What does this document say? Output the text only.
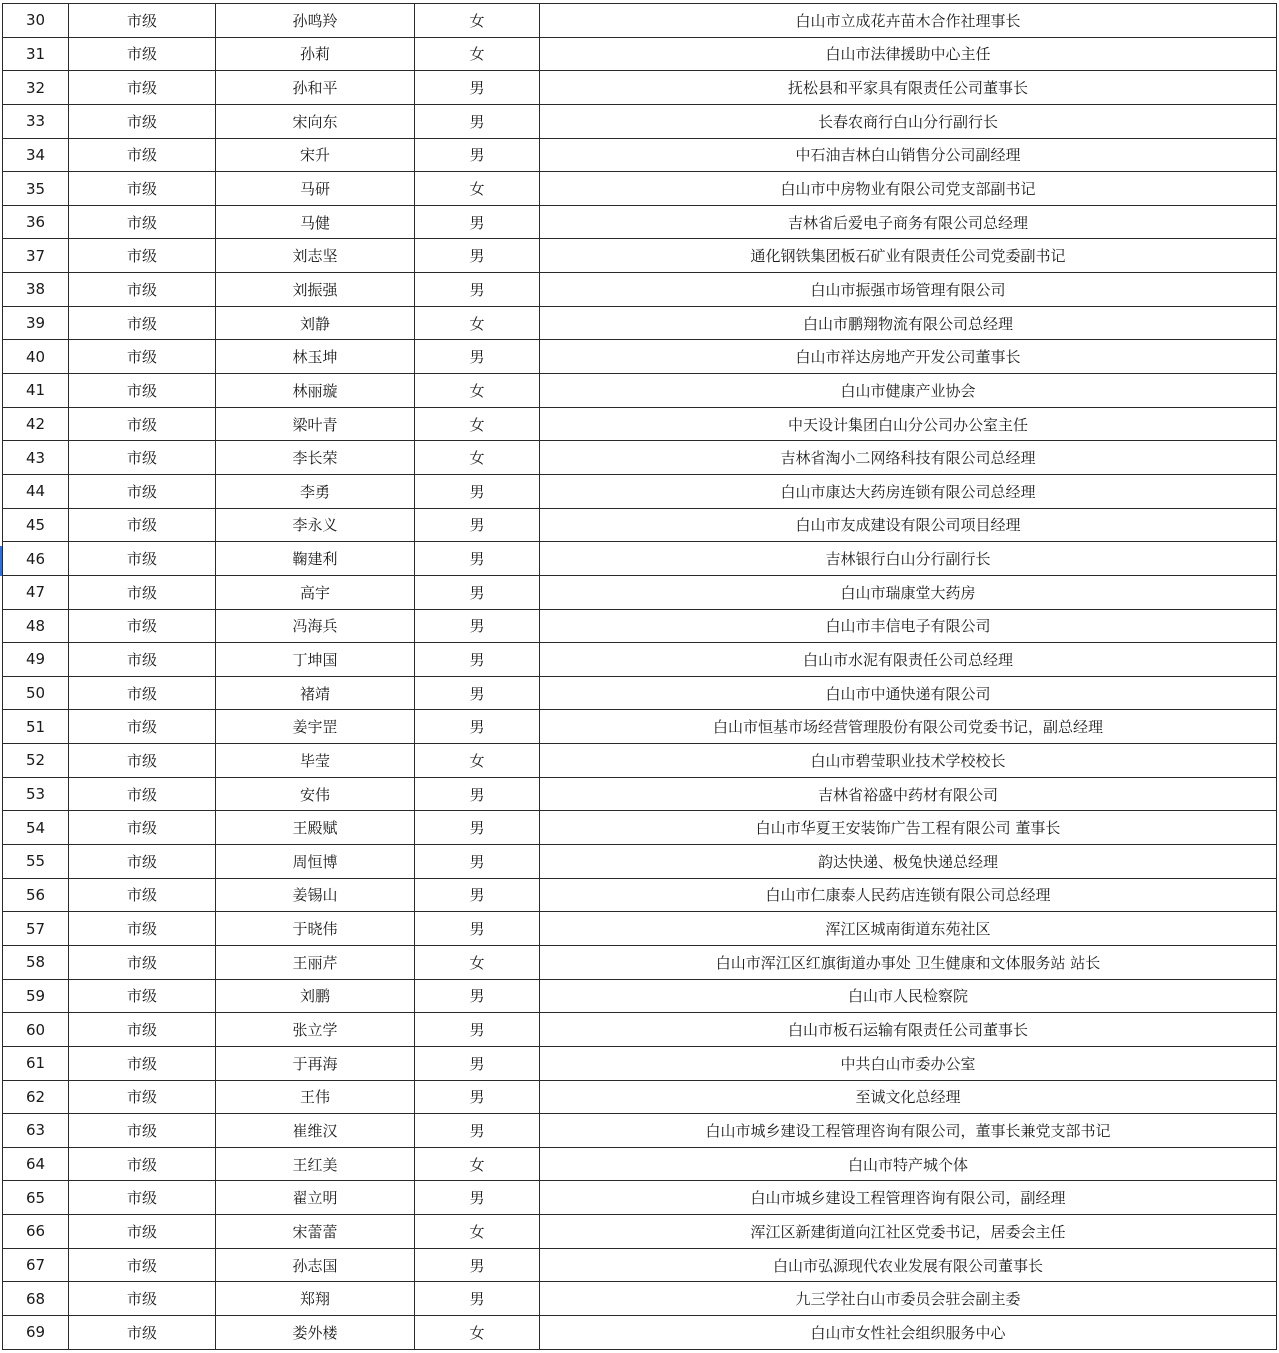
30	市级	孙鸣羚	女	白山市立成花卉苗木合作社理事长
31	市级	孙莉	女	白山市法律援助中心主任
32	市级	孙和平	男	抚松县和平家具有限责任公司董事长
33	市级	宋向东	男	长春农商行白山分行副行长
34	市级	宋升	男	中石油吉林白山销售分公司副经理
35	市级	马研	女	白山市中房物业有限公司党支部副书记
36	市级	马健	男	吉林省后爱电子商务有限公司总经理
37	市级	刘志坚	男	通化钢铁集团板石矿业有限责任公司党委副书记
38	市级	刘振强	男	白山市振强市场管理有限公司
39	市级	刘静	女	白山市鹏翔物流有限公司总经理
40	市级	林玉坤	男	白山市祥达房地产开发公司董事长
41	市级	林丽璇	女	白山市健康产业协会
42	市级	梁叶青	女	中天设计集团白山分公司办公室主任
43	市级	李长荣	女	吉林省淘小二网络科技有限公司总经理
44	市级	李勇	男	白山市康达大药房连锁有限公司总经理
45	市级	李永义	男	白山市友成建设有限公司项目经理
46	市级	鞠建利	男	吉林银行白山分行副行长
47	市级	高宇	男	白山市瑞康堂大药房
48	市级	冯海兵	男	白山市丰信电子有限公司
49	市级	丁坤国	男	白山市水泥有限责任公司总经理
50	市级	褚靖	男	白山市中通快递有限公司
51	市级	姜宇罡	男	白山市恒基市场经营管理股份有限公司党委书记，副总经理
52	市级	毕莹	女	白山市碧莹职业技术学校校长
53	市级	安伟	男	吉林省裕盛中药材有限公司
54	市级	王殿赋	男	白山市华夏王安装饰广告工程有限公司 董事长
55	市级	周恒博	男	韵达快递、极兔快递总经理
56	市级	姜锡山	男	白山市仁康泰人民药店连锁有限公司总经理
57	市级	于晓伟	男	浑江区城南街道东苑社区
58	市级	王丽芹	女	白山市浑江区红旗街道办事处 卫生健康和文体服务站 站长
59	市级	刘鹏	男	白山市人民检察院
60	市级	张立学	男	白山市板石运输有限责任公司董事长
61	市级	于再海	男	中共白山市委办公室
62	市级	王伟	男	至诚文化总经理
63	市级	崔维汉	男	白山市城乡建设工程管理咨询有限公司，董事长兼党支部书记
64	市级	王红美	女	白山市特产城个体
65	市级	翟立明	男	白山市城乡建设工程管理咨询有限公司，副经理
66	市级	宋蕾蕾	女	浑江区新建街道向江社区党委书记，居委会主任
67	市级	孙志国	男	白山市弘源现代农业发展有限公司董事长
68	市级	郑翔	男	九三学社白山市委员会驻会副主委
69	市级	娄外楼	女	白山市女性社会组织服务中心
